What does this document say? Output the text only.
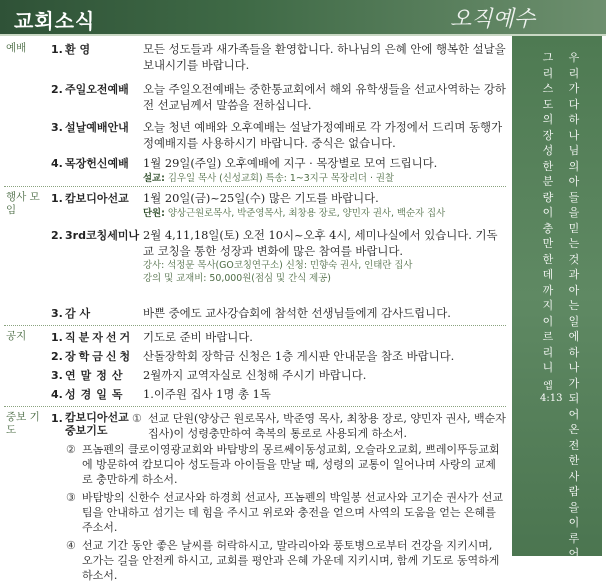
교회소식	오직예수
예배	1. 환 영	모든 성도들과 새가족들을 환영합니다. 하나님의 은혜 안에 행복한 설날을 보내시기를 바랍니다.
2. 주일오전예배	오늘 주일오전예배는 중한통교회에서 해외 유학생들을 선교사역하는 강하전 선교님께서 말씀을 전하십니다.
3. 설날예배안내	오늘 청년 예배와 오후예배는 설날가정예배로 각 가정에서 드리며 동행가정예배지를 사용하시기 바랍니다. 중식은 없습니다.
4. 목장헌신예배	1월 29일(주일) 오후예배에 지구 · 목장별로 모여 드립니다.
설교: 김우일 목사 (신성교회) 특송: 1~3지구 목장리더 · 권찰
행사 모임
1. 캄보디아선교	1월 20일(금)~25일(수) 많은 기도를 바랍니다.
단원: 양상근원로목사, 박준영목사, 최창용 장로, 양민자 권사, 백순자 집사
2. 3rd코칭세미나 2월 4,11,18일(토) 오전 10시~오후 4시, 세미나실에서 있습니다. 기독교 코칭을 통한 성장과 변화에 많은 참여를 바랍니다.
강사: 석정문 목사(GO코칭연구소) 신청: 민향숙 권사, 인태란 집사
강의 및 교재비: 50,000원(점심 및 간식 제공)
3. 감 사	바쁜 중에도 교사강습회에 참석한 선생님들에게 감사드립니다.
공지	1. 직분자선거 기도로 준비 바랍니다.
2. 장학금신청 산돌장학회 장학금 신청은 1층 게시판 안내문을 참조 바랍니다.
3. 연말정산	2월까지 교역자실로 신청해 주시기 바랍니다.
4. 성경일독	1.이주원 집사 1명 총 1독
중보 기도
1. 캄보디아선교 중보기도
① 선교 단원(양상근 원로목사, 박준영 목사, 최창용 장로, 양민자 권사, 백순자 집사)이 성령충만하여 축복의 통로로 사용되게 하소서.
② 프놈펜의 클로이영광교회와 바탐방의 몽르쎄이동성교회, 오슬라오교회, 쁘레이뚜등교회에 방문하여 캄보디아 성도들과 아이들을 만날 때, 성령의 교통이 일어나며 사랑의 교제로 충만하게 하소서.
③ 바탐방의 신한수 선교사와 하경희 선교사, 프놈펜의 박일봉 선교사와 고기순 권사가 선교팀을 안내하고 섬기는 데 힘을 주시고 위로와 충전을 얻으며 사역의 도움을 얻는 은혜를 주소서.
④ 선교 기간 동안 좋은 날씨를 허락하시고, 말라리아와 풍토병으로부터 건강을 지키시며, 오가는 길을 안전케 하시고, 교회를 평안과 은혜 가운데 지키시며, 함께 기도로 동역하게 하소서.
우리가다하나님의아들을믿는것과아는일에하나가되어온전한사람을이루어
그리스도의장성한분량이충만한데까지이르리니
엡4:13
